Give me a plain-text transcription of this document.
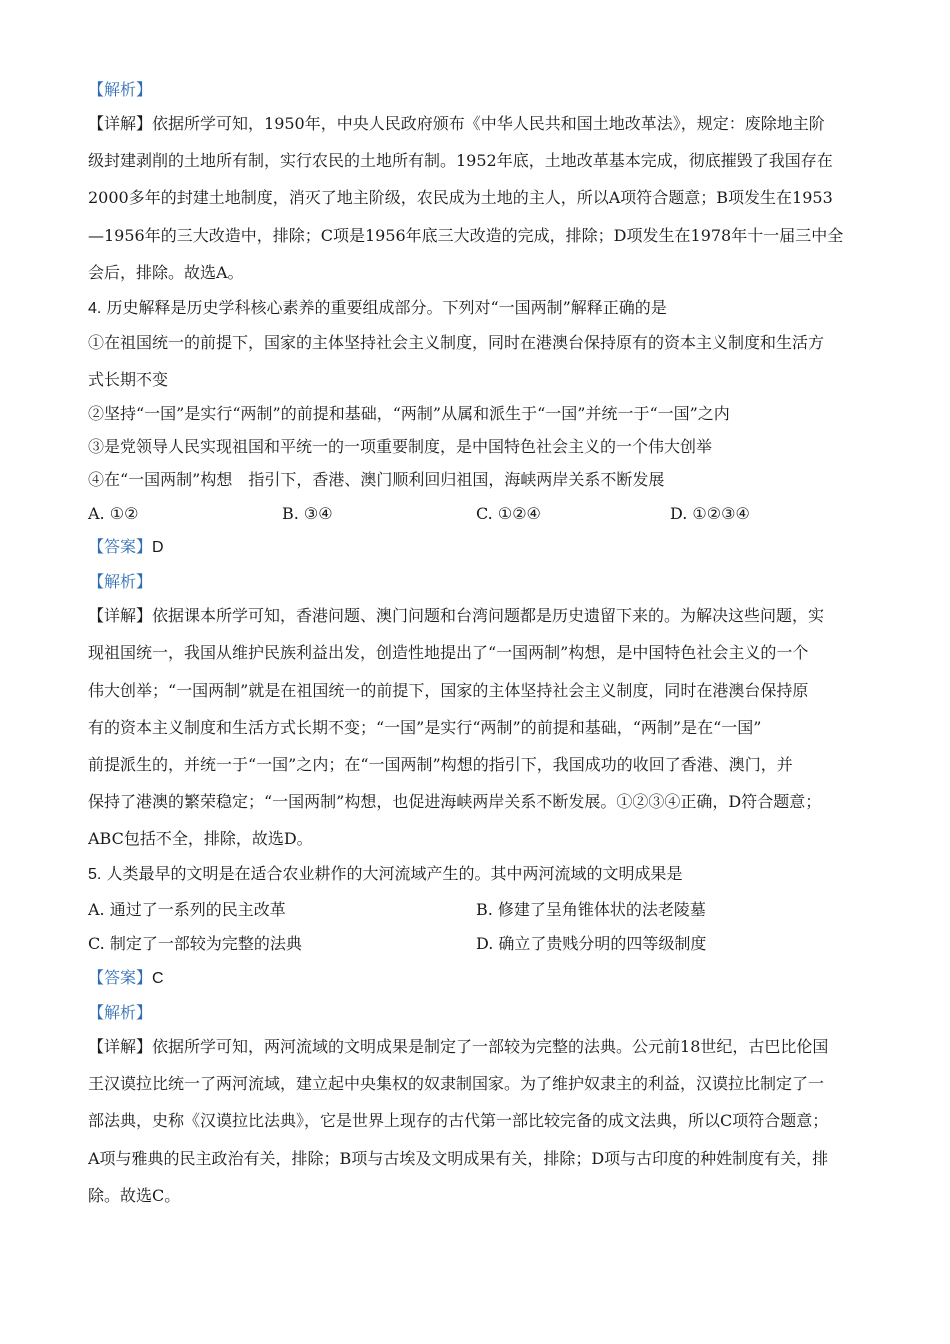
【解析】
【详解】依据所学可知，1950年，中央人民政府颁布《中华人民共和国土地改革法》，规定：废除地主阶
级封建剥削的土地所有制，实行农民的土地所有制。1952年底，土地改革基本完成，彻底摧毁了我国存在
2000多年的封建土地制度，消灭了地主阶级，农民成为土地的主人，所以A项符合题意；B项发生在1953
—1956年的三大改造中，排除；C项是1956年底三大改造的完成，排除；D项发生在1978年十一届三中全
会后，排除。故选A。
4. 历史解释是历史学科核心素养的重要组成部分。下列对“一国两制”解释正确的是
①在祖国统一的前提下，国家的主体坚持社会主义制度，同时在港澳台保持原有的资本主义制度和生活方
式长期不变
②坚持“一国”是实行“两制”的前提和基础，“两制”从属和派生于“一国”并统一于“一国”之内
③是党领导人民实现祖国和平统一的一项重要制度，是中国特色社会主义的一个伟大创举
④在“一国两制”构想　指引下，香港、澳门顺利回归祖国，海峡两岸关系不断发展
A. ①②	B. ③④	C. ①②④	D. ①②③④
【答案】D
【解析】
【详解】依据课本所学可知，香港问题、澳门问题和台湾问题都是历史遗留下来的。为解决这些问题，实
现祖国统一，我国从维护民族利益出发，创造性地提出了“一国两制”构想，是中国特色社会主义的一个
伟大创举；“一国两制”就是在祖国统一的前提下，国家的主体坚持社会主义制度，同时在港澳台保持原
有的资本主义制度和生活方式长期不变；“一国”是实行“两制”的前提和基础，“两制”是在“一国”
前提派生的，并统一于“一国”之内；在“一国两制”构想的指引下，我国成功的收回了香港、澳门，并
保持了港澳的繁荣稳定；“一国两制”构想，也促进海峡两岸关系不断发展。①②③④正确，D符合题意；
ABC包括不全，排除，故选D。
5. 人类最早的文明是在适合农业耕作的大河流域产生的。其中两河流域的文明成果是
A. 通过了一系列的民主改革	B. 修建了呈角锥体状的法老陵墓
C. 制定了一部较为完整的法典	D. 确立了贵贱分明的四等级制度
【答案】C
【解析】
【详解】依据所学可知，两河流域的文明成果是制定了一部较为完整的法典。公元前18世纪，古巴比伦国
王汉谟拉比统一了两河流域，建立起中央集权的奴隶制国家。为了维护奴隶主的利益，汉谟拉比制定了一
部法典，史称《汉谟拉比法典》，它是世界上现存的古代第一部比较完备的成文法典，所以C项符合题意；
A项与雅典的民主政治有关，排除；B项与古埃及文明成果有关，排除；D项与古印度的种姓制度有关，排
除。故选C。
